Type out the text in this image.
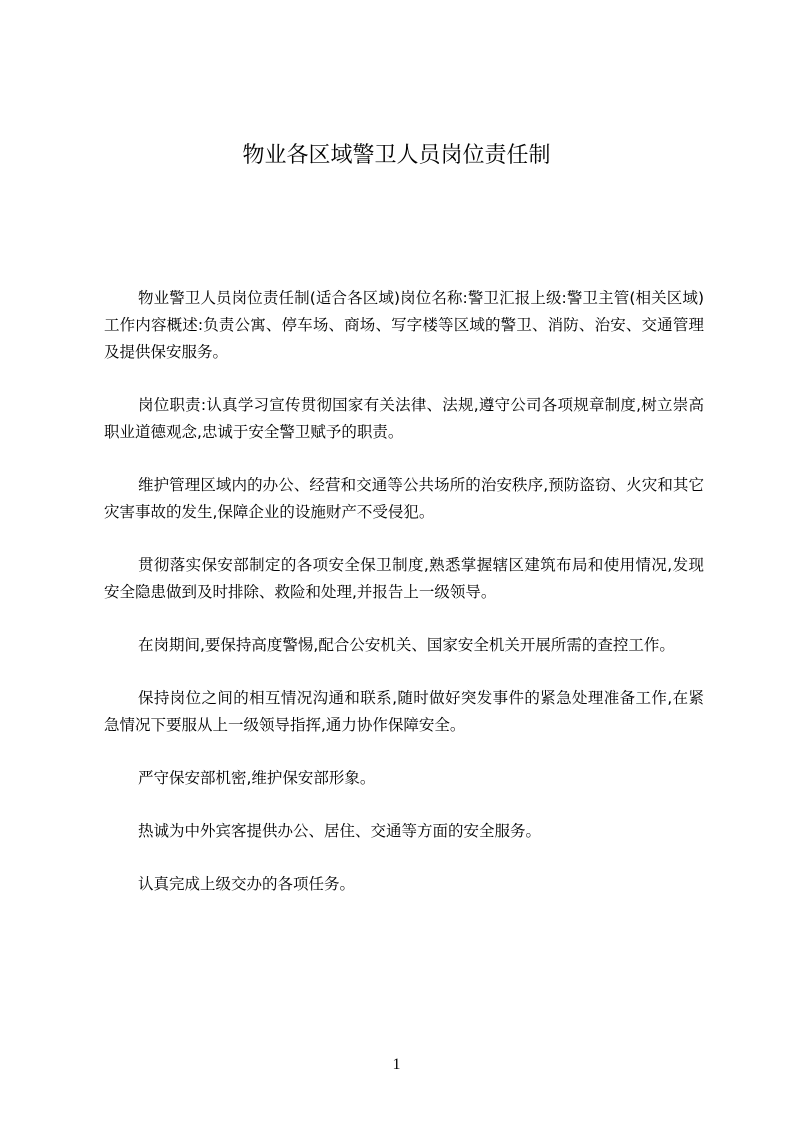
物业各区域警卫人员岗位责任制

物业警卫人员岗位责任制(适合各区域)岗位名称:警卫汇报上级:警卫主管(相关区域)工作内容概述:负责公寓、停车场、商场、写字楼等区域的警卫、消防、治安、交通管理及提供保安服务。

岗位职责:认真学习宣传贯彻国家有关法律、法规,遵守公司各项规章制度,树立崇高职业道德观念,忠诚于安全警卫赋予的职责。

维护管理区域内的办公、经营和交通等公共场所的治安秩序,预防盗窃、火灾和其它灾害事故的发生,保障企业的设施财产不受侵犯。

贯彻落实保安部制定的各项安全保卫制度,熟悉掌握辖区建筑布局和使用情况,发现安全隐患做到及时排除、救险和处理,并报告上一级领导。

在岗期间,要保持高度警惕,配合公安机关、国家安全机关开展所需的查控工作。

保持岗位之间的相互情况沟通和联系,随时做好突发事件的紧急处理准备工作,在紧急情况下要服从上一级领导指挥,通力协作保障安全。

严守保安部机密,维护保安部形象。

热诚为中外宾客提供办公、居住、交通等方面的安全服务。

认真完成上级交办的各项任务。

1
